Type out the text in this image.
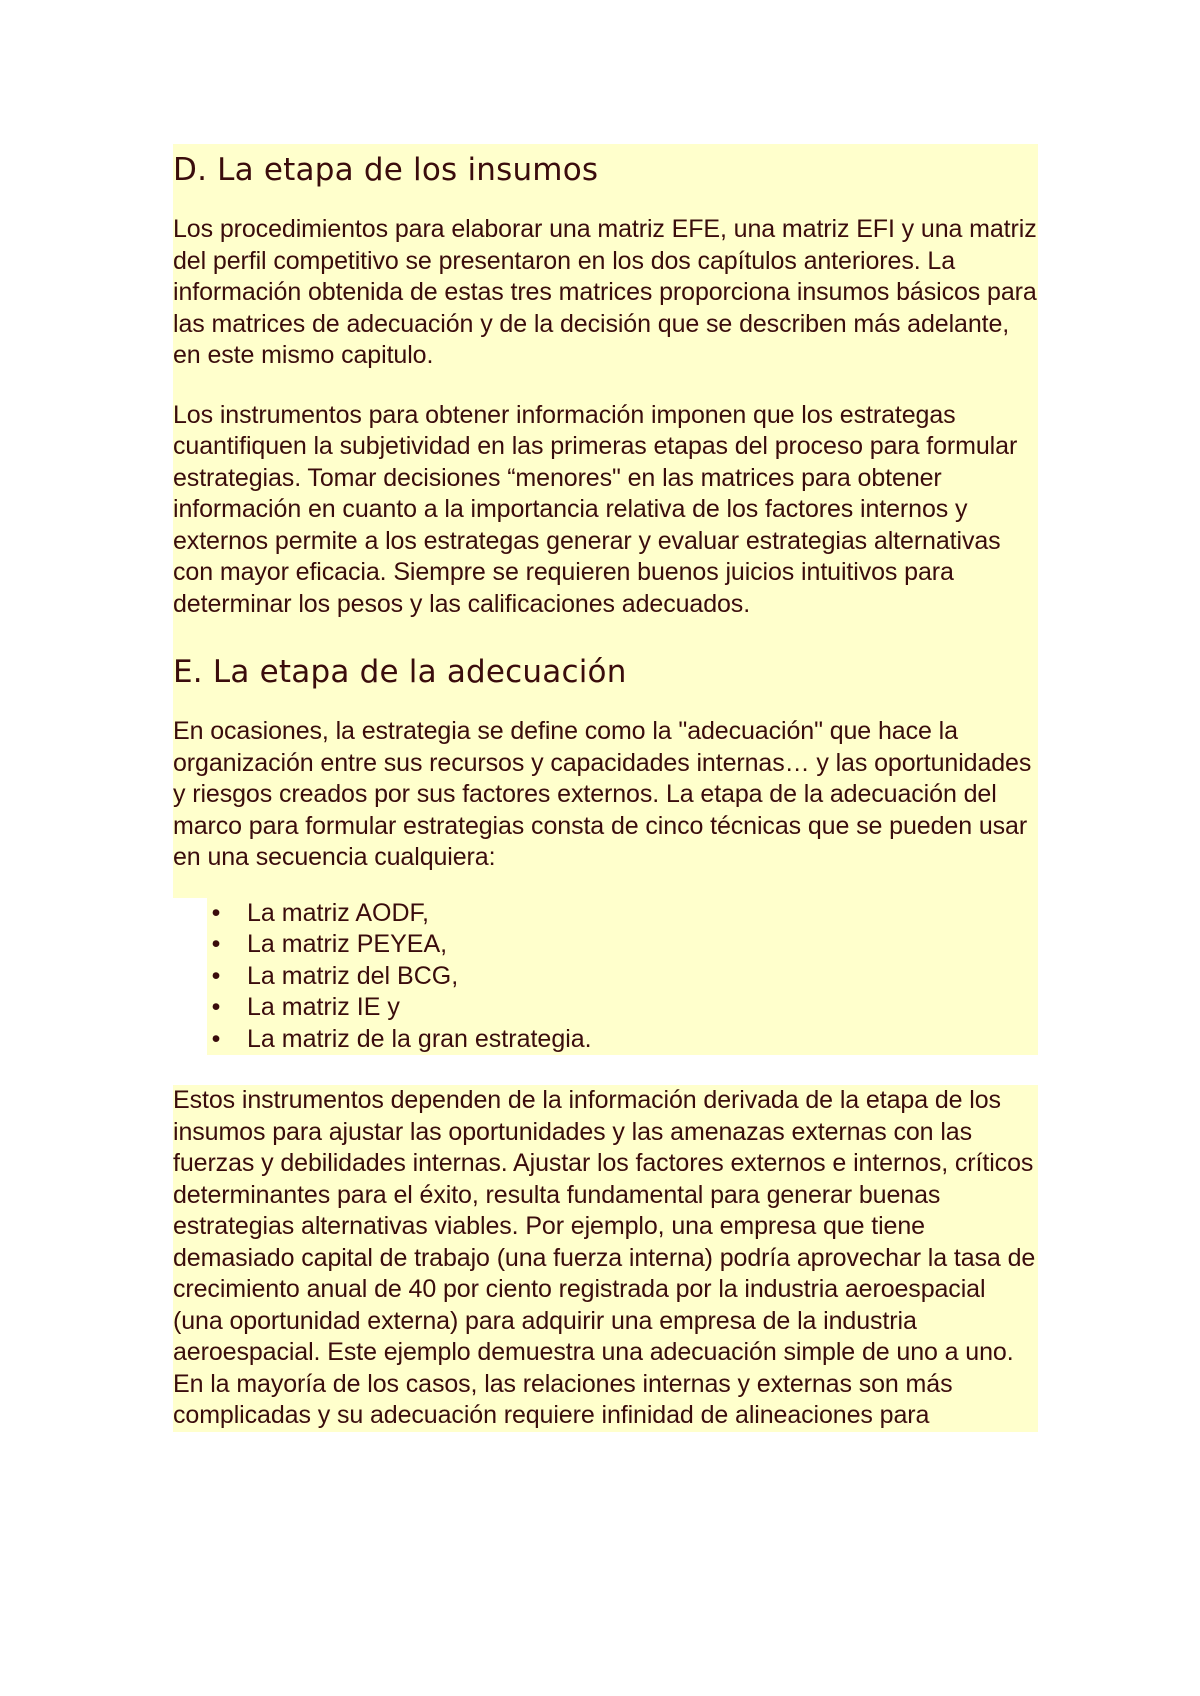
D. La etapa de los insumos

Los procedimientos para elaborar una matriz EFE, una matriz EFI y una matriz del perfil competitivo se presentaron en los dos capítulos anteriores. La información obtenida de estas tres matrices proporciona insumos básicos para las matrices de adecuación y de la decisión que se describen más adelante, en este mismo capitulo.

Los instrumentos para obtener información imponen que los estrategas cuantifiquen la subjetividad en las primeras etapas del proceso para formular estrategias. Tomar decisiones “menores" en las matrices para obtener información en cuanto a la importancia relativa de los factores internos y externos permite a los estrategas generar y evaluar estrategias alternativas con mayor eficacia. Siempre se requieren buenos juicios intuitivos para determinar los pesos y las calificaciones adecuados.

E. La etapa de la adecuación

En ocasiones, la estrategia se define como la "adecuación" que hace la organización entre sus recursos y capacidades internas… y las oportunidades y riesgos creados por sus factores externos. La etapa de la adecuación del marco para formular estrategias consta de cinco técnicas que se pueden usar en una secuencia cualquiera:

•
La matriz AODF,
•
La matriz PEYEA,
•
La matriz del BCG,
•
La matriz IE y
•
La matriz de la gran estrategia.

Estos instrumentos dependen de la información derivada de la etapa de los insumos para ajustar las oportunidades y las amenazas externas con las fuerzas y debilidades internas. Ajustar los factores externos e internos, críticos determinantes para el éxito, resulta fundamental para generar buenas estrategias alternativas viables. Por ejemplo, una empresa que tiene demasiado capital de trabajo (una fuerza interna) podría aprovechar la tasa de crecimiento anual de 40 por ciento registrada por la industria aeroespacial (una oportunidad externa) para adquirir una empresa de la industria aeroespacial. Este ejemplo demuestra una adecuación simple de uno a uno. En la mayoría de los casos, las relaciones internas y externas son más complicadas y su adecuación requiere infinidad de alineaciones para
